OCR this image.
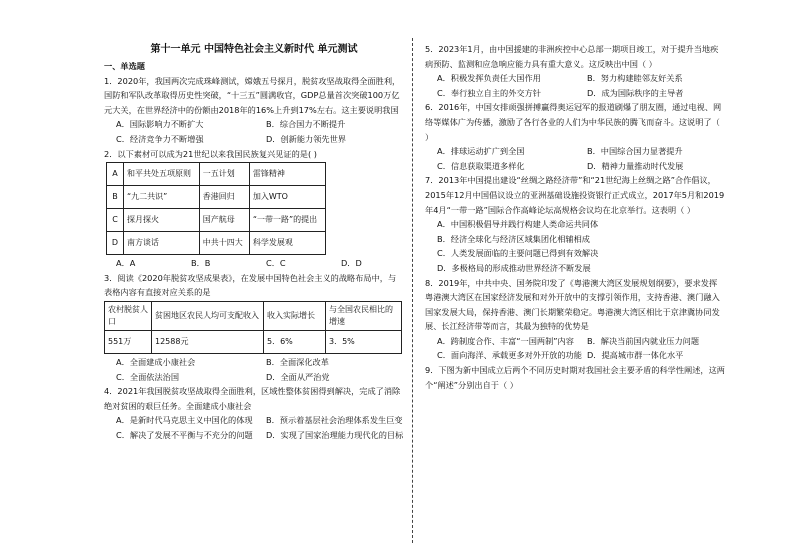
第十一单元 中国特色社会主义新时代 单元测试

一、单选题

1．2020年，我国两次完成珠峰测试，嫦娥五号探月，脱贫攻坚战取得全面胜利，国防和军队改革取得历史性突破，“十三五”圆满收官，GDP总量首次突破100万亿元大关，在世界经济中的份额由2018年的16%上升到17%左右。这主要说明我国

A．国际影响力不断扩大	B．综合国力不断提升
C．经济竞争力不断增强	D．创新能力领先世界

2．以下素材可以成为21世纪以来我国民族复兴见证的是( )

A	和平共处五项原则	一五计划	雷锋精神
B	“九二共识”	香港回归	加入WTO
C	探月探火	国产航母	“一带一路”的提出
D	南方谈话	中共十四大	科学发展观
A．A	B．B	C．C	D．D

3．阅读《2020年脱贫攻坚成果表》，在发展中国特色社会主义的战略布局中，与表格内容有直接对应关系的是

农村脱贫人口	贫困地区农民人均可支配收入	收入实际增长	与全国农民相比的增速
551万	12588元	5．6%	3．5%
A．全面建成小康社会	B．全面深化改革
C．全面依法治国	D．全面从严治党

4．2021年我国脱贫攻坚战取得全面胜利，区域性整体贫困得到解决，完成了消除绝对贫困的艰巨任务。全面建成小康社会

A．是新时代马克思主义中国化的体现	B．预示着基层社会治理体系发生巨变
C．解决了发展不平衡与不充分的问题	D．实现了国家治理能力现代化的目标

5．2023年1月，由中国援建的非洲疾控中心总部一期项目竣工，对于提升当地疾病预防、监测和应急响应能力具有重大意义。这反映出中国（ ）

A．积极发挥负责任大国作用	B．努力构建睦邻友好关系
C．奉行独立自主的外交方针	D．成为国际秩序的主导者

6．2016年，中国女排顽强拼搏赢得奥运冠军的报道刷爆了朋友圈，通过电视、网络等媒体广为传播，激励了各行各业的人们为中华民族的腾飞而奋斗。这说明了（ ）

A．排球运动扩广到全国	B．中国综合国力显著提升
C．信息获取渠道多样化	D．精神力量推动时代发展

7．2013年中国提出建设“丝绸之路经济带”和“21世纪海上丝绸之路”合作倡议，2015年12月中国倡议设立的亚洲基础设施投资银行正式成立，2017年5月和2019年4月“一带一路”国际合作高峰论坛高规格会议均在北京举行。这表明（ ）

A．中国积极倡导并践行构建人类命运共同体

B．经济全球化与经济区域集团化相辅相成

C．人类发展面临的主要问题已得到有效解决

D．多极格局的形成推动世界经济不断发展

8．2019年，中共中央、国务院印发了《粤港澳大湾区发展规划纲要》，要求发挥粤港澳大湾区在国家经济发展和对外开放中的支撑引领作用，支持香港、澳门融入国家发展大局，保持香港、澳门长期繁荣稳定。粤港澳大湾区相比于京津冀协同发展、长江经济带等而言，其最为独特的优势是

A．跨制度合作、丰富“一国两制”内容	B．解决当前国内就业压力问题
C．面向海洋、承载更多对外开放的功能 D．提高城市群一体化水平

9．下图为新中国成立后两个不同历史时期对我国社会主要矛盾的科学性阐述，这两个“阐述”分别出自于（ ）
